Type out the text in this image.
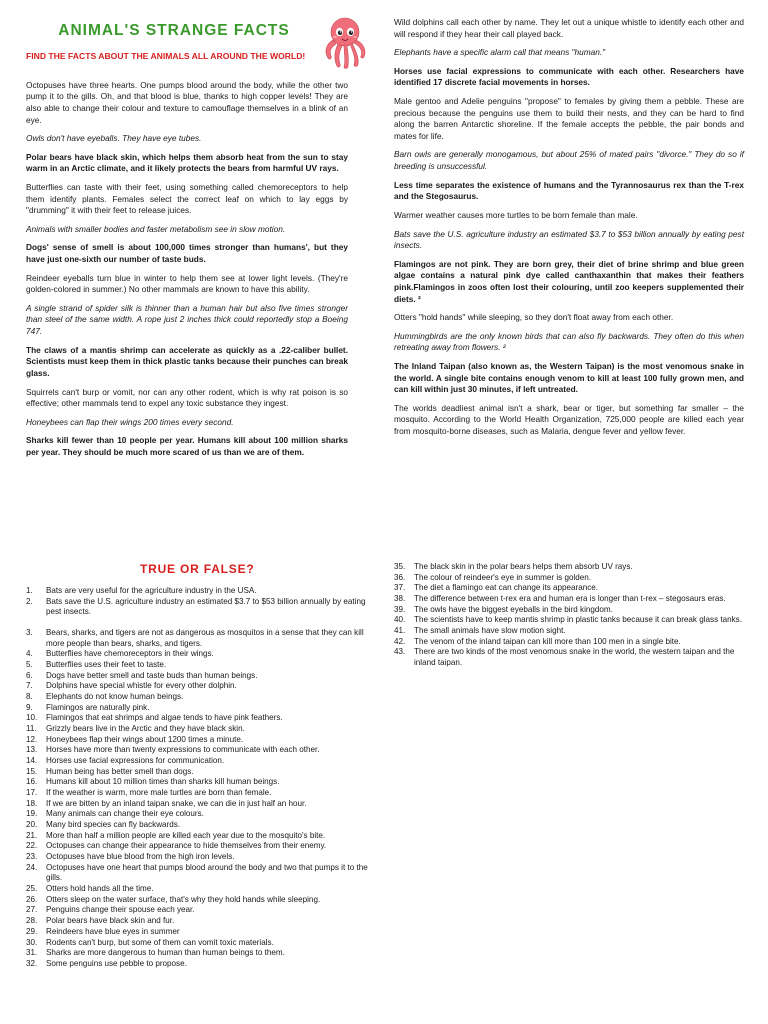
ANIMAL'S STRANGE FACTS

FIND THE FACTS ABOUT THE ANIMALS ALL AROUND THE WORLD!

Octopuses have three hearts. One pumps blood around the body, while the other two pump it to the gills. Oh, and that blood is blue, thanks to high copper levels! They are also able to change their colour and texture to camouflage themselves in a blink of an eye.

Owls don't have eyeballs. They have eye tubes.

Polar bears have black skin, which helps them absorb heat from the sun to stay warm in an Arctic climate, and it likely protects the bears from harmful UV rays.

Butterflies can taste with their feet, using something called chemoreceptors to help them identify plants. Females select the correct leaf on which to lay eggs by "drumming" it with their feet to release juices.

Animals with smaller bodies and faster metabolism see in slow motion.

Dogs' sense of smell is about 100,000 times stronger than humans', but they have just one-sixth our number of taste buds.

Reindeer eyeballs turn blue in winter to help them see at lower light levels. (They're golden-colored in summer.) No other mammals are known to have this ability.

A single strand of spider silk is thinner than a human hair but also five times stronger than steel of the same width. A rope just 2 inches thick could reportedly stop a Boeing 747.

The claws of a mantis shrimp can accelerate as quickly as a .22-caliber bullet. Scientists must keep them in thick plastic tanks because their punches can break glass.

Squirrels can't burp or vomit, nor can any other rodent, which is why rat poison is so effective; other mammals tend to expel any toxic substance they ingest.

Honeybees can flap their wings 200 times every second.

Sharks kill fewer than 10 people per year. Humans kill about 100 million sharks per year. They should be much more scared of us than we are of them.

Wild dolphins call each other by name. They let out a unique whistle to identify each other and will respond if they hear their call played back.

Elephants have a specific alarm call that means "human."

Horses use facial expressions to communicate with each other. Researchers have identified 17 discrete facial movements in horses.

Male gentoo and Adelie penguins "propose" to females by giving them a pebble. These are precious because the penguins use them to build their nests, and they can be hard to find along the barren Antarctic shoreline. If the female accepts the pebble, the pair bonds and mates for life.

Barn owls are generally monogamous, but about 25% of mated pairs "divorce." They do so if breeding is unsuccessful.

Less time separates the existence of humans and the Tyrannosaurus rex than the T-rex and the Stegosaurus.

Warmer weather causes more turtles to be born female than male.

Bats save the U.S. agriculture industry an estimated $3.7 to $53 billion annually by eating pest insects.

Flamingos are not pink. They are born grey, their diet of brine shrimp and blue green algae contains a natural pink dye called canthaxanthin that makes their feathers pink.Flamingos in zoos often lost their colouring, until zoo keepers supplemented their diets. ²

Otters "hold hands" while sleeping, so they don't float away from each other.

Hummingbirds are the only known birds that can also fly backwards. They often do this when retreating away from flowers. ²

The Inland Taipan (also known as, the Western Taipan) is the most venomous snake in the world. A single bite contains enough venom to kill at least 100 fully grown men, and can kill within just 30 minutes, if left untreated.

The worlds deadliest animal isn't a shark, bear or tiger, but something far smaller – the mosquito. According to the World Health Organization, 725,000 people are killed each year from mosquito-borne diseases, such as Malaria, dengue fever and yellow fever.

TRUE OR FALSE?
1.	Bats are very useful for the agriculture industry in the USA.
2.	Bats save the U.S. agriculture industry an estimated $3.7 to $53 billion annually by eating pest insects.
3.	Bears, sharks, and tigers are not as dangerous as mosquitos in a sense that they can kill more people than bears, sharks, and tigers.
4.	Butterflies have chemoreceptors in their wings.
5.	Butterflies uses their feet to taste.
6.	Dogs have better smell and taste buds than human beings.
7.	Dolphins have special whistle for every other dolphin.
8.	Elephants do not know human beings.
9.	Flamingos are naturally pink.
10.	Flamingos that eat shrimps and algae tends to have pink feathers.
11.	Grizzly bears live in the Arctic and they have black skin.
12.	Honeybees flap their wings about 1200 times a minute.
13.	Horses have more than twenty expressions to communicate with each other.
14.	Horses use facial expressions for communication.
15.	Human being has better smell than dogs.
16.	Humans kill about 10 million times than sharks kill human beings.
17.	If the weather is warm, more male turtles are born than female.
18.	If we are bitten by an inland taipan snake, we can die in just half an hour.
19.	Many animals can change their eye colours.
20.	Many bird species can fly backwards.
21.	More than half a million people are killed each year due to the mosquito's bite.
22.	Octopuses can change their appearance to hide themselves from their enemy.
23.	Octopuses have blue blood from the high iron levels.
24.	Octopuses have one heart that pumps blood around the body and two that pumps it to the gills.
25.	Otters hold hands all the time.
26.	Otters sleep on the water surface, that's why they hold hands while sleeping.
27.	Penguins change their spouse each year.
28.	Polar bears have black skin and fur.
29.	Reindeers have blue eyes in summer
30.	Rodents can't burp, but some of them can vomit toxic materials.
31.	Sharks are more dangerous to human than human beings to them.
32.	Some penguins use pebble to propose.
35.	The black skin in the polar bears helps them absorb UV rays.
36.	The colour of reindeer's eye in summer is golden.
37.	The diet a flamingo eat can change its appearance.
38.	The difference between t-rex era and human era is longer than t-rex – stegosaurs eras.
39.	The owls have the biggest eyeballs in the bird kingdom.
40.	The scientists have to keep mantis shrimp in plastic tanks because it can break glass tanks.
41.	The small animals have slow motion sight.
42.	The venom of the inland taipan can kill more than 100 men in a single bite.
43.	There are two kinds of the most venomous snake in the world, the western taipan and the inland taipan.
